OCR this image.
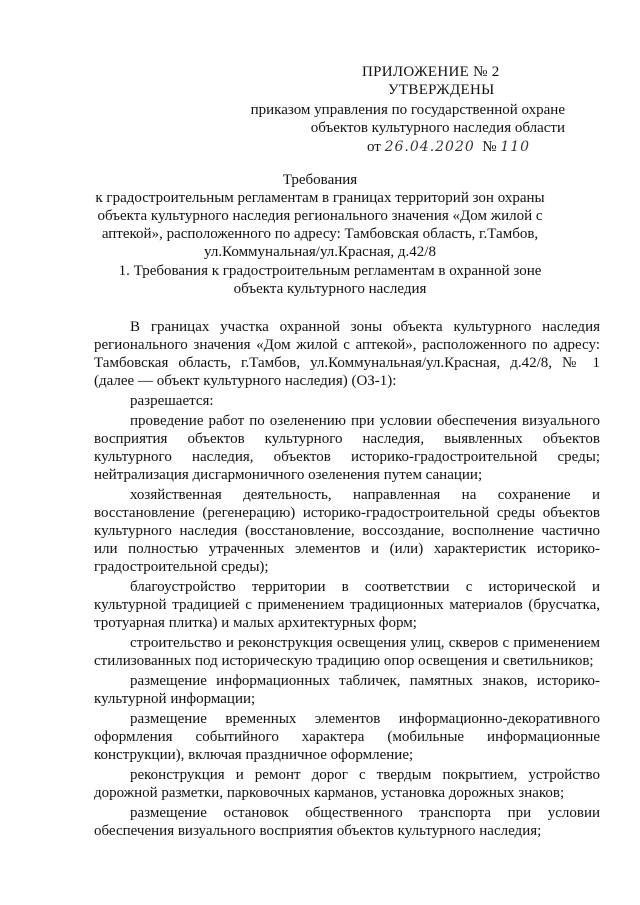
ПРИЛОЖЕНИЕ № 2
УТВЕРЖДЕНЫ
приказом управления по государственной охране
объектов культурного наследия области
от 26.04.2020 № 110
Требования
к градостроительным регламентам в границах территорий зон охраны
объекта культурного наследия регионального значения «Дом жилой с
аптекой», расположенного по адресу: Тамбовская область, г.Тамбов,
ул.Коммунальная/ул.Красная, д.42/8
1. Требования к градостроительным регламентам в охранной зоне
объекта культурного наследия

В границах участка охранной зоны объекта культурного наследия регионального значения «Дом жилой с аптекой», расположенного по адресу: Тамбовская область, г.Тамбов, ул.Коммунальная/ул.Красная, д.42/8, № 1 (далее — объект культурного наследия) (ОЗ-1):

разрешается:

проведение работ по озеленению при условии обеспечения визуального восприятия объектов культурного наследия, выявленных объектов культурного наследия, объектов историко-градостроительной среды; нейтрализация дисгармоничного озеленения путем санации;

хозяйственная деятельность, направленная на сохранение и восстановление (регенерацию) историко-градостроительной среды объектов культурного наследия (восстановление, воссоздание, восполнение частично или полностью утраченных элементов и (или) характеристик историко-градостроительной среды);

благоустройство территории в соответствии с исторической и культурной традицией с применением традиционных материалов (брусчатка, тротуарная плитка) и малых архитектурных форм;

строительство и реконструкция освещения улиц, скверов с применением стилизованных под историческую традицию опор освещения и светильников;

размещение информационных табличек, памятных знаков, историко-культурной информации;

размещение временных элементов информационно-декоративного оформления событийного характера (мобильные информационные конструкции), включая праздничное оформление;

реконструкция и ремонт дорог с твердым покрытием, устройство дорожной разметки, парковочных карманов, установка дорожных знаков;

размещение остановок общественного транспорта при условии обеспечения визуального восприятия объектов культурного наследия;
